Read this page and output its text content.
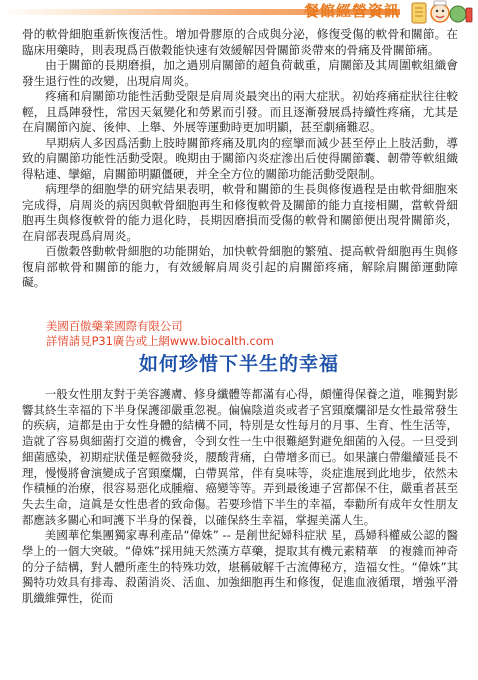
餐館經營資訊

骨的軟骨細胞重新恢復活性。增加骨膠原的合成與分泌，修復受傷的軟骨和關節。在臨床用藥時，則表現爲百傲穀能快速有效緩解因骨關節炎帶來的骨痛及骨關節痛。

由于關節的長期磨損，加之過別肩關節的超負荷載重，肩關節及其周圍軟組織會發生退行性的改變，出現肩周炎。

疼痛和肩關節功能性活動受限是肩周炎最突出的兩大症狀。初始疼痛症狀往往較輕，且爲陣發性，常因天氣變化和勞累而引發。而且逐漸發展爲持續性疼痛，尤其是在肩關節內旋、後伸、上舉、外展等運動時更加明顯，甚至劇痛難忍。

早期病人多因爲活動上肢時關節疼痛及肌肉的痙攣而減少甚至停止上肢活動，導致的肩關節功能性活動受限。晚期由于關節內炎症滲出后使得關節囊、韌帶等軟組織得粘連、攣縮，肩關節明顯僵硬，并全全方位的關節功能活動受限制。

病理學的細胞學的研究結果表明，軟骨和關節的生長與修復過程是由軟骨細胞來完成得，肩周炎的病因與軟骨細胞再生和修復軟骨及關節的能力直接相關，當軟骨細胞再生與修復軟骨的能力退化時，長期因磨損而受傷的軟骨和關節便出現骨關節炎，在肩部表現爲肩周炎。

百傲穀啓動軟骨細胞的功能開始，加快軟骨細胞的繁殖、提高軟骨細胞再生與修復肩部軟骨和關節的能力，有效緩解肩周炎引起的肩關節疼痛，解除肩關節運動障礙。

美國百傲藥業國際有限公司
詳情請見P31廣告或上網www.biocalth.com
如何珍惜下半生的幸福

一般女性朋友對于美容護膚、修身纖體等都滿有心得，頗懂得保養之道，唯獨對影響其終生幸福的下半身保護卻嚴重忽視。偏偏陰道炎或者子宮頸糜爛卻是女性最常發生的疾病，這都是由于女性身體的結構不同，特別是女性每月的月事、生育、性生活等，造就了容易與細菌打交道的機會，令到女性一生中很難絕對避免細菌的入侵。一旦受到細菌感染，初期症狀僅是輕微發炎，腰酸背痛，白帶增多而已。如果讓白帶繼續延長不理，慢慢將會演變成子宮頸糜爛，白帶異常，伴有臭味等，炎症進展到此地步，依然未作積極的治療，很容易惡化成腫瘤、癌變等等。弄到最後連子宮都保不住，嚴重者甚至失去生命，這眞是女性患者的致命傷。若要珍惜下半生的幸福，奉勸所有成年女性朋友都應該多關心和呵護下半身的保養，以確保終生幸福，掌握美滿人生。

美國華佗集團獨家專利產品“偉姝” -- 是創世紀婦科症狀 星，爲婦科權威公認的醫學上的一個大突破。“偉姝”採用純天然漢方草藥，提取其有機元素精華　的複雜而神奇的分子結構，對人體所產生的特殊功效，堪稱破解千古流傳秘方，造福女性。“偉姝”其獨特功效具有排毒、殺菌消炎、活血、加強細胞再生和修復，促進血液循環，增強平滑肌纖維彈性，從而
